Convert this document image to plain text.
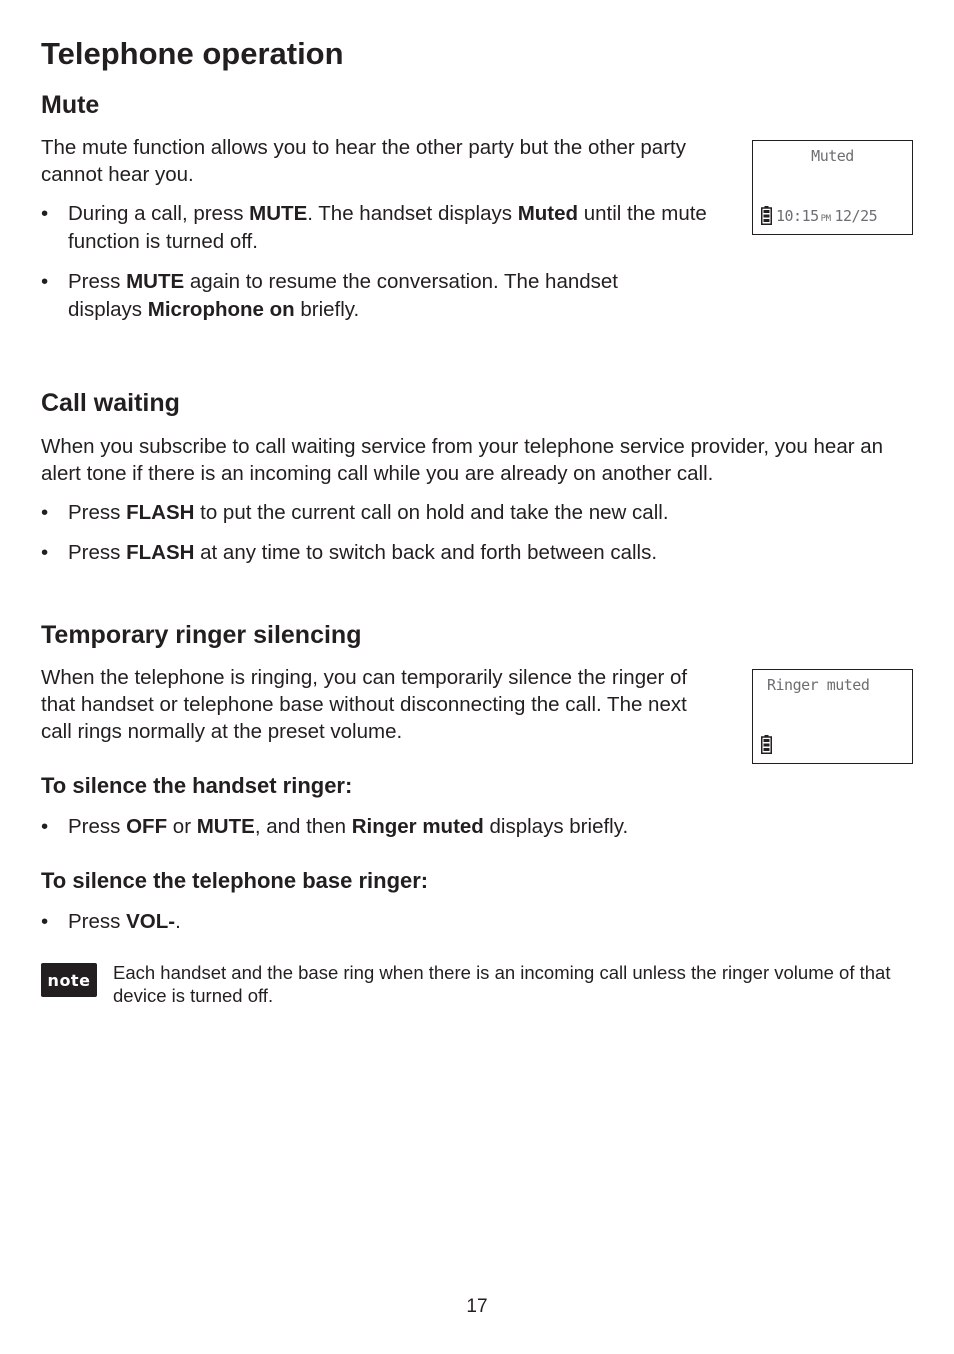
Telephone operation
Mute

The mute function allows you to hear the other party but the other party cannot hear you.

• During a call, press MUTE. The handset displays Muted until the mute function is turned off.

• Press MUTE again to resume the conversation. The handset displays Microphone on briefly.

Muted
10:15 PM 12/25
Call waiting

When you subscribe to call waiting service from your telephone service provider, you hear an alert tone if there is an incoming call while you are already on another call.

• Press FLASH to put the current call on hold and take the new call.

• Press FLASH at any time to switch back and forth between calls.

Temporary ringer silencing

When the telephone is ringing, you can temporarily silence the ringer of that handset or telephone base without disconnecting the call. The next call rings normally at the preset volume.

Ringer muted
To silence the handset ringer:

• Press OFF or MUTE, and then Ringer muted displays briefly.

To silence the telephone base ringer:

• Press VOL-.

note	Each handset and the base ring when there is an incoming call unless the ringer volume of that device is turned off.

17
